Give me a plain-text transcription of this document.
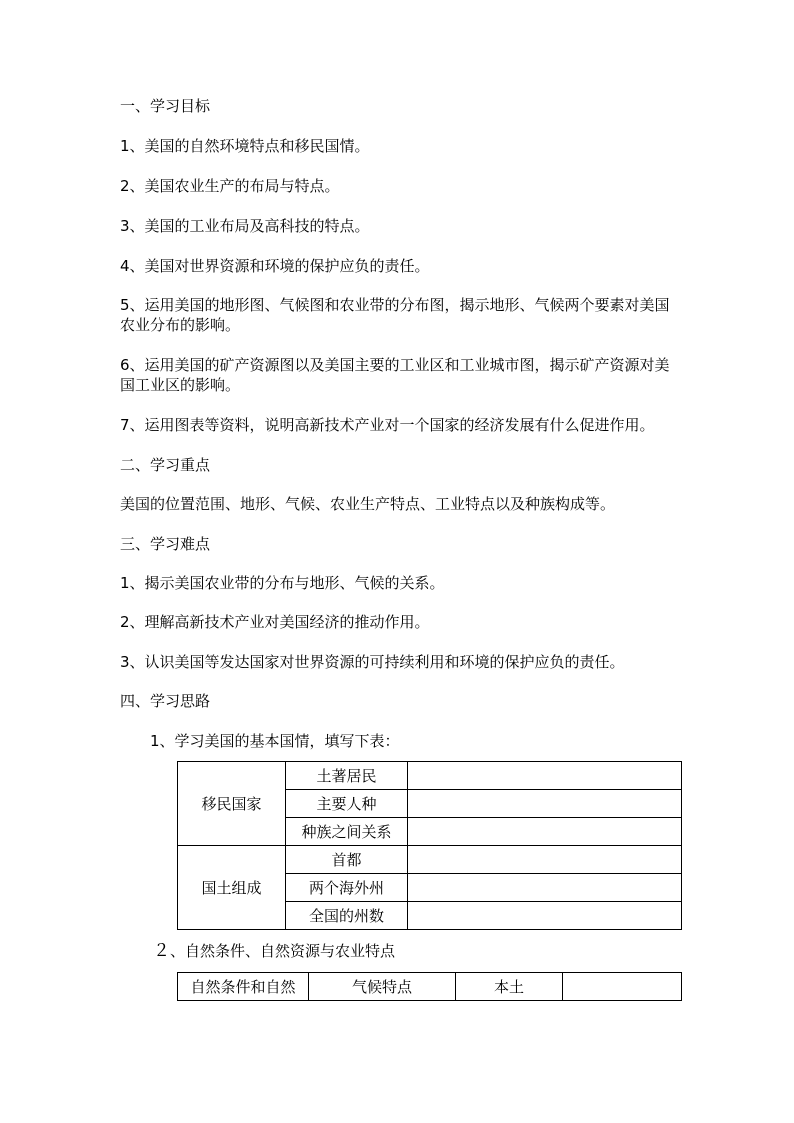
一、学习目标
1、美国的自然环境特点和移民国情。
2、美国农业生产的布局与特点。
3、美国的工业布局及高科技的特点。
4、美国对世界资源和环境的保护应负的责任。
5、运用美国的地形图、气候图和农业带的分布图，揭示地形、气候两个要素对美国农业分布的影响。
6、运用美国的矿产资源图以及美国主要的工业区和工业城市图，揭示矿产资源对美国工业区的影响。
7、运用图表等资料，说明高新技术产业对一个国家的经济发展有什么促进作用。
二、学习重点
美国的位置范围、地形、气候、农业生产特点、工业特点以及种族构成等。
三、学习难点
1、揭示美国农业带的分布与地形、气候的关系。
2、理解高新技术产业对美国经济的推动作用。
3、认识美国等发达国家对世界资源的可持续利用和环境的保护应负的责任。
四、学习思路
1、学习美国的基本国情，填写下表：
移民国家	土著居民	
	主要人种	
	种族之间关系	
国土组成	首都	
	两个海外州	
	全国的州数	
２、自然条件、自然资源与农业特点
自然条件和自然	气候特点	本土	
